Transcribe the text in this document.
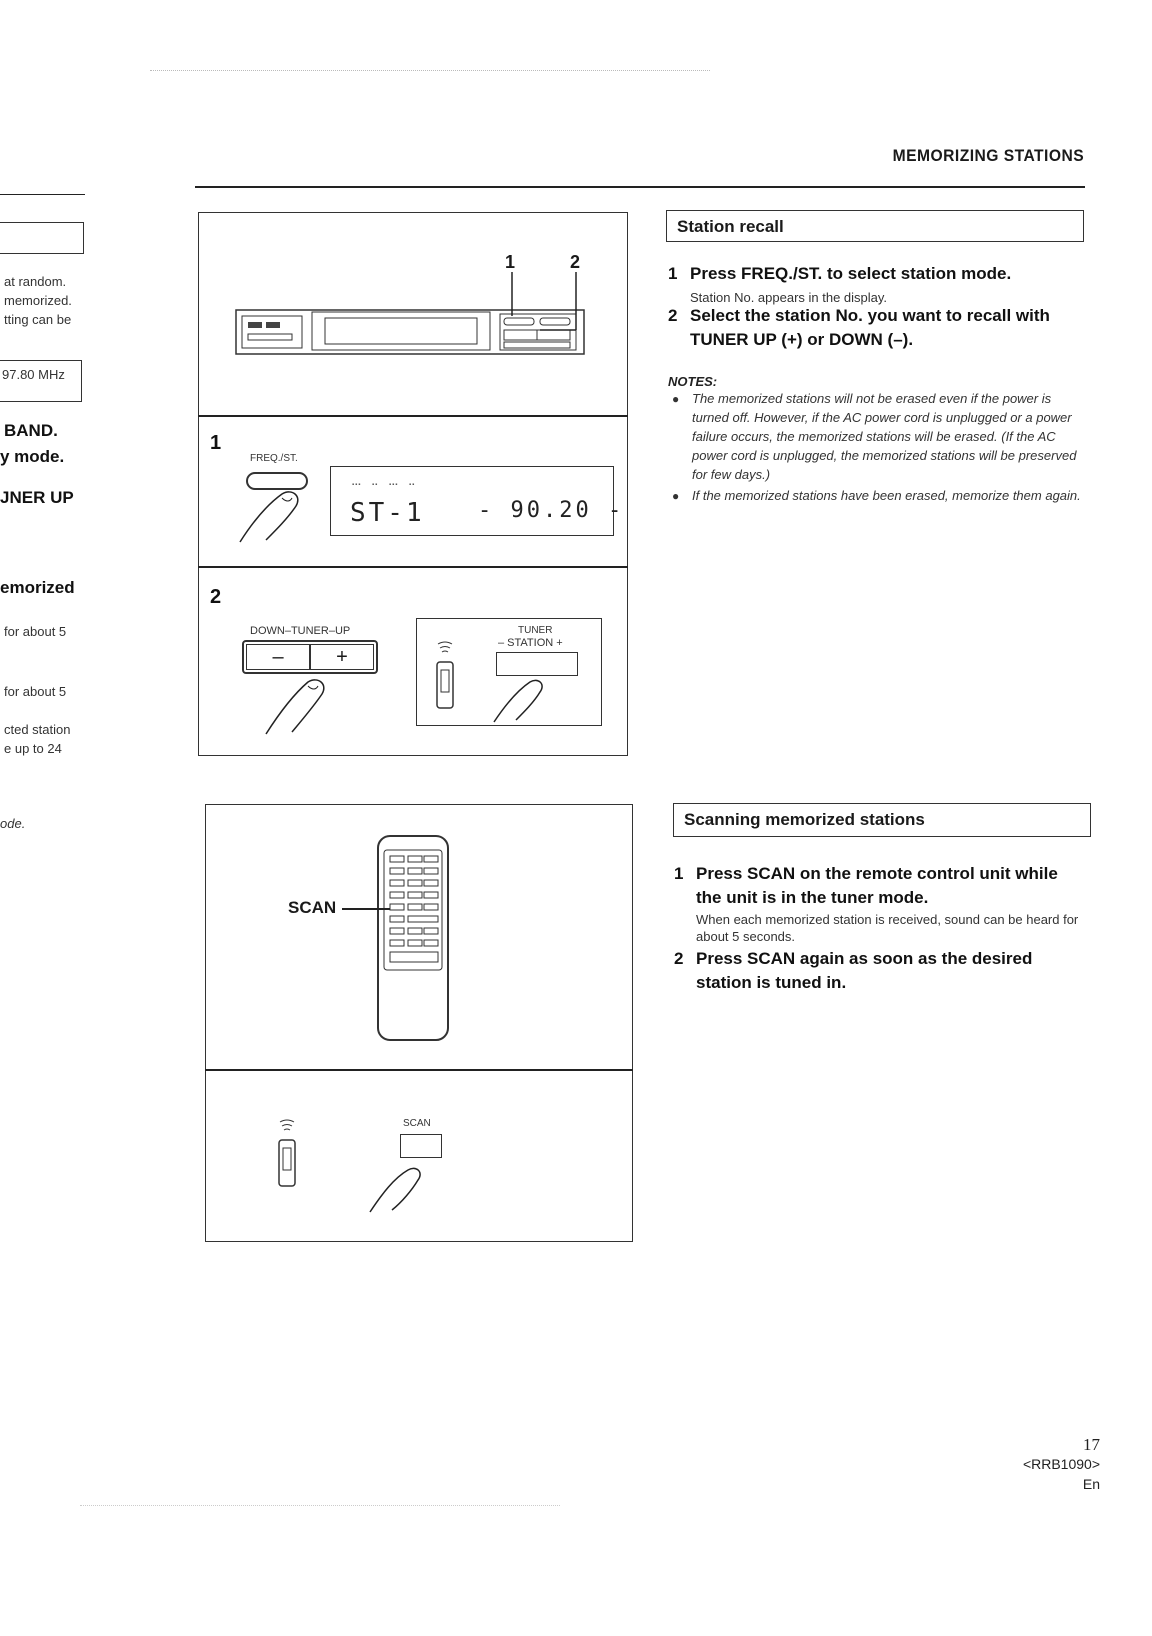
MEMORIZING STATIONS
at random.
memorized.
tting can be
97.80 MHz
BAND.
y mode.
JNER UP
emorized
for about 5
for about 5
cted station
e up to 24
ode.
1	2
1
FREQ./ST.
▪▪▪    ▪▪    ▪▪▪    ▪▪
ST-1 - 90.20 -
2
DOWN–TUNER–UP
–	+
TUNER
– STATION +
Station recall
1 Press FREQ./ST. to select station mode.
Station No. appears in the display.
2 Select the station No. you want to recall with TUNER UP (+) or DOWN (–).
NOTES:
● The memorized stations will not be erased even if the power is turned off. However, if the AC power cord is unplugged or a power failure occurs, the memorized stations will be erased. (If the AC power cord is unplugged, the memorized stations will be preserved for few days.)
● If the memorized stations have been erased, memorize them again.
SCAN
SCAN
Scanning memorized stations
1 Press SCAN on the remote control unit while the unit is in the tuner mode.
When each memorized station is received, sound can be heard for about 5 seconds.
2 Press SCAN again as soon as the desired station is tuned in.
17
<RRB1090>
En
